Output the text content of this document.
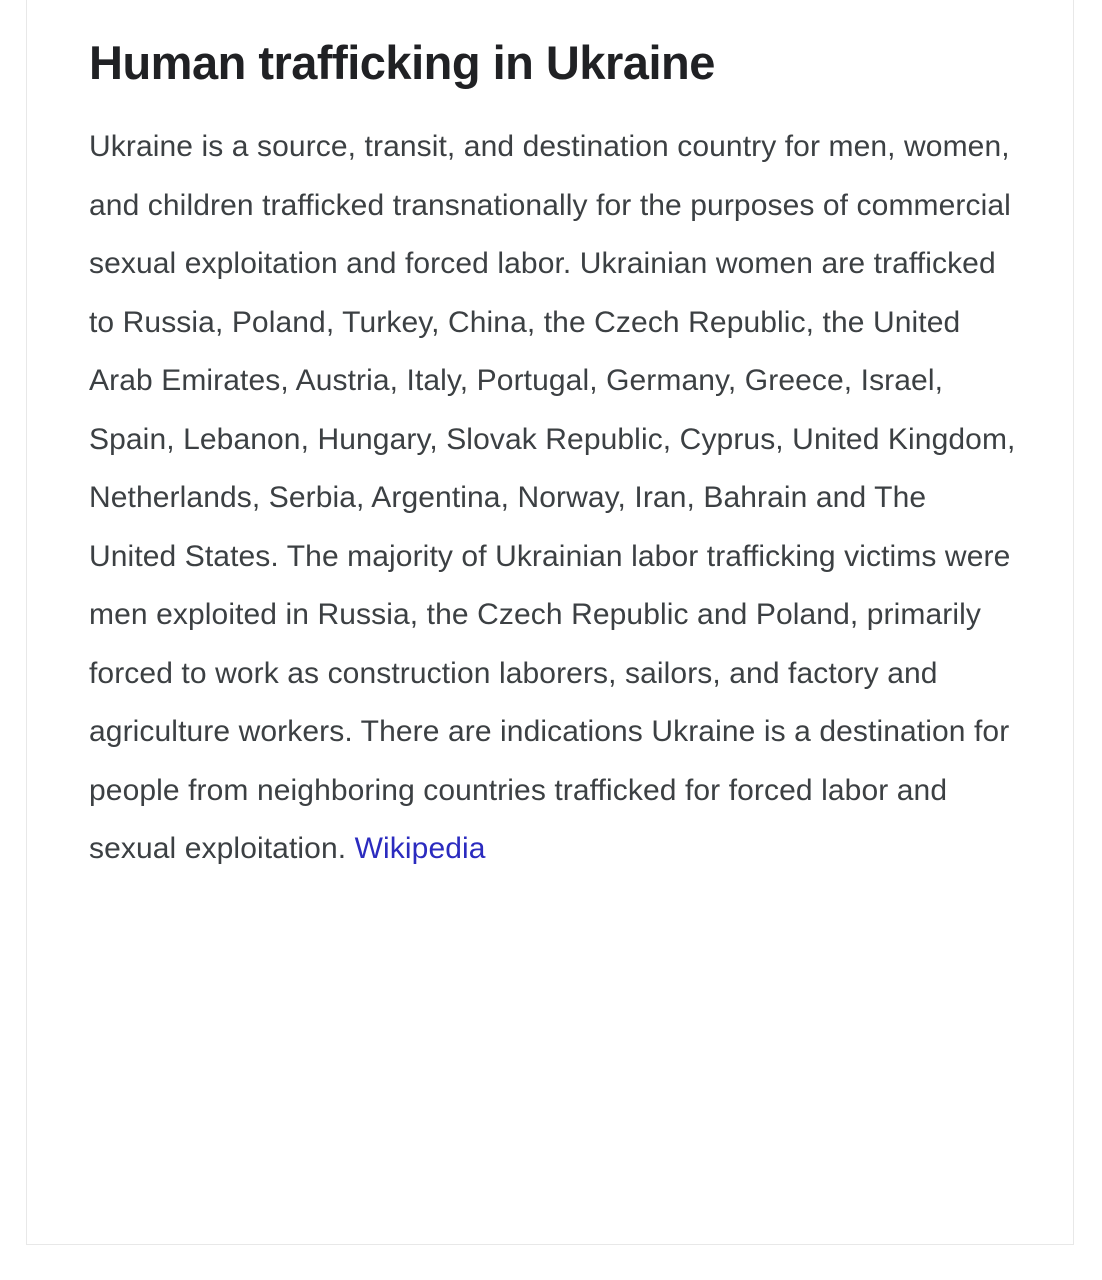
Human trafficking in Ukraine

Ukraine is a source, transit, and destination country for men, women, and children trafficked transnationally for the purposes of commercial sexual exploitation and forced labor. Ukrainian women are trafficked to Russia, Poland, Turkey, China, the Czech Republic, the United Arab Emirates, Austria, Italy, Portugal, Germany, Greece, Israel, Spain, Lebanon, Hungary, Slovak Republic, Cyprus, United Kingdom, Netherlands, Serbia, Argentina, Norway, Iran, Bahrain and The United States. The majority of Ukrainian labor trafficking victims were men exploited in Russia, the Czech Republic and Poland, primarily forced to work as construction laborers, sailors, and factory and agriculture workers. There are indications Ukraine is a destination for people from neighboring countries trafficked for forced labor and sexual exploitation. Wikipedia
